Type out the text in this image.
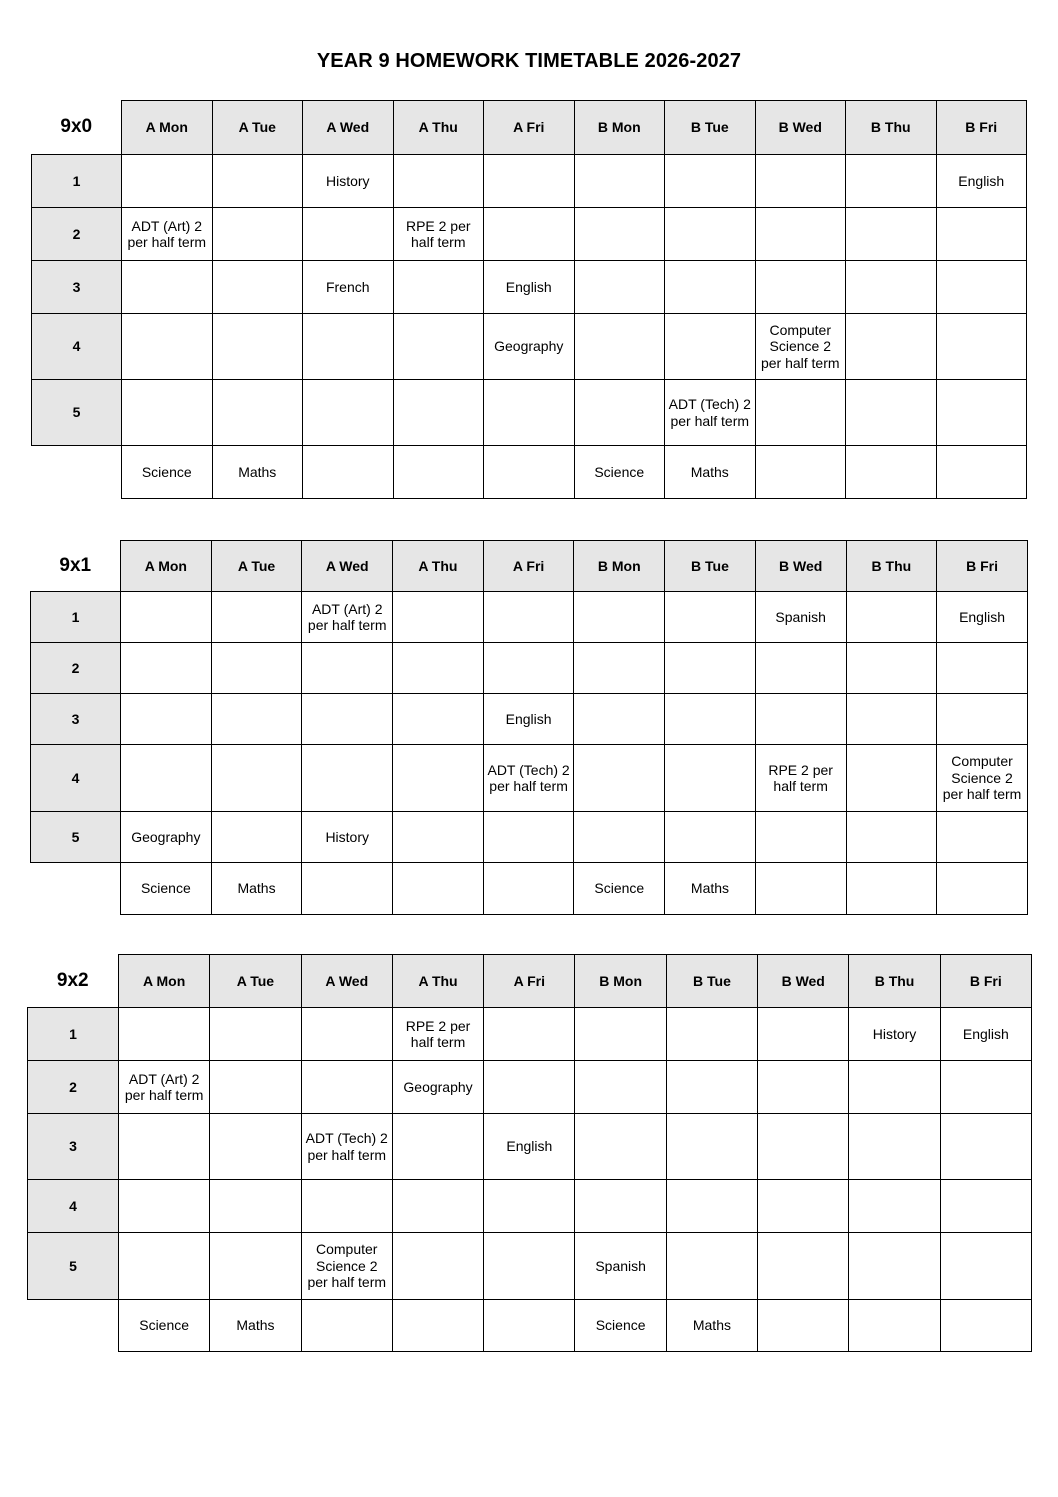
YEAR 9 HOMEWORK TIMETABLE 2026-2027
9x0	A Mon	A Tue	A Wed	A Thu	A Fri	B Mon	B Tue	B Wed	B Thu	B Fri
1			History							English
2	ADT (Art) 2 per half term			RPE 2 per half term						
3			French		English					
4					Geography			Computer Science 2 per half term		
5							ADT (Tech) 2 per half term			
	Science	Maths				Science	Maths			
9x1	A Mon	A Tue	A Wed	A Thu	A Fri	B Mon	B Tue	B Wed	B Thu	B Fri
1			ADT (Art) 2 per half term					Spanish		English
2										
3					English					
4					ADT (Tech) 2 per half term			RPE 2 per half term		Computer Science 2 per half term
5	Geography		History							
	Science	Maths				Science	Maths			
9x2	A Mon	A Tue	A Wed	A Thu	A Fri	B Mon	B Tue	B Wed	B Thu	B Fri
1				RPE 2 per half term					History	English
2	ADT (Art) 2 per half term			Geography						
3			ADT (Tech) 2 per half term		English					
4										
5			Computer Science 2 per half term			Spanish				
	Science	Maths				Science	Maths			
